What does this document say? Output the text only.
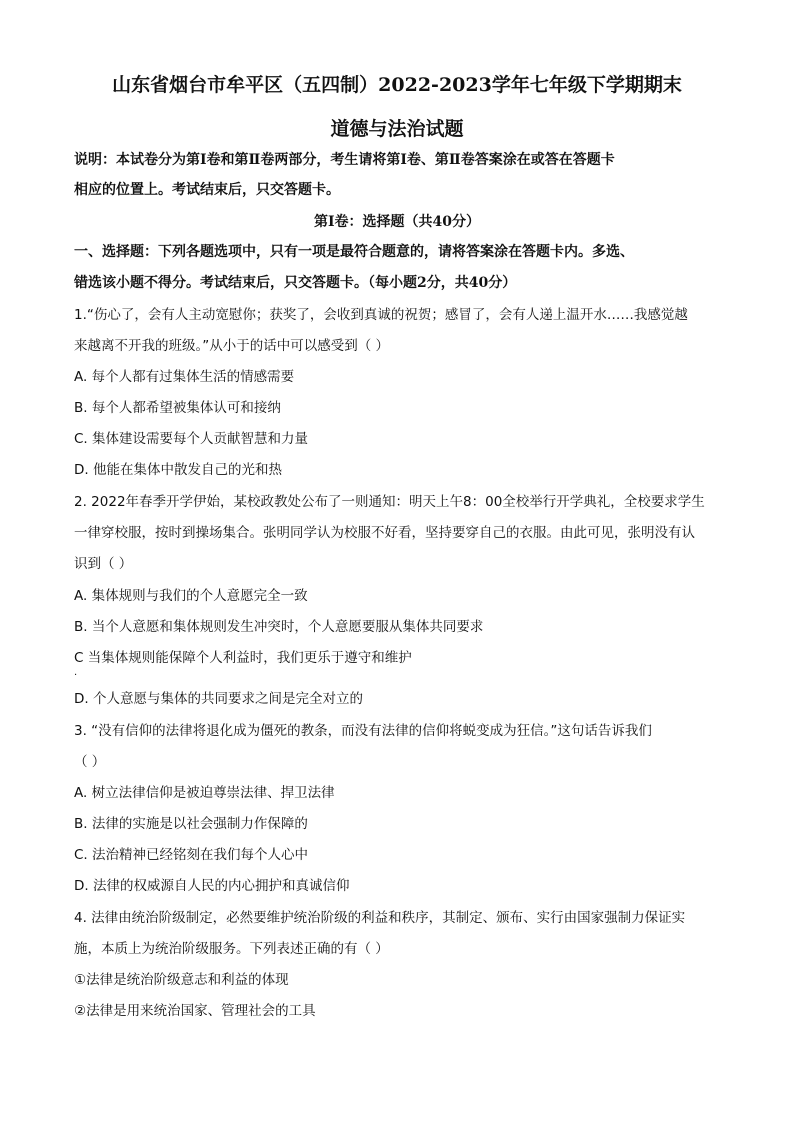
山东省烟台市牟平区（五四制）2022-2023学年七年级下学期期末
道德与法治试题
说明：本试卷分为第Ⅰ卷和第Ⅱ卷两部分，考生请将第Ⅰ卷、第Ⅱ卷答案涂在或答在答题卡
相应的位置上。考试结束后，只交答题卡。
第Ⅰ卷：选择题（共40分）
一、选择题：下列各题选项中，只有一项是最符合题意的，请将答案涂在答题卡内。多选、
错选该小题不得分。考试结束后，只交答题卡。（每小题2分，共40分）
1.“伤心了，会有人主动宽慰你；获奖了，会收到真诚的祝贺；感冒了，会有人递上温开水……我感觉越
来越离不开我的班级。”从小于的话中可以感受到（ ）
A. 每个人都有过集体生活的情感需要
B. 每个人都希望被集体认可和接纳
C. 集体建设需要每个人贡献智慧和力量
D. 他能在集体中散发自己的光和热
2. 2022年春季开学伊始，某校政教处公布了一则通知：明天上午8：00全校举行开学典礼，全校要求学生
一律穿校服，按时到操场集合。张明同学认为校服不好看，坚持要穿自己的衣服。由此可见，张明没有认
识到（ ）
A. 集体规则与我们的个人意愿完全一致
B. 当个人意愿和集体规则发生冲突时，个人意愿要服从集体共同要求
C 当集体规则能保障个人利益时，我们更乐于遵守和维护
.
D. 个人意愿与集体的共同要求之间是完全对立的
3. “没有信仰的法律将退化成为僵死的教条，而没有法律的信仰将蜕变成为狂信。”这句话告诉我们
（ ）
A. 树立法律信仰是被迫尊崇法律、捍卫法律
B. 法律的实施是以社会强制力作保障的
C. 法治精神已经铭刻在我们每个人心中
D. 法律的权威源自人民的内心拥护和真诚信仰
4. 法律由统治阶级制定，必然要维护统治阶级的利益和秩序，其制定、颁布、实行由国家强制力保证实
施，本质上为统治阶级服务。下列表述正确的有（ ）
①法律是统治阶级意志和利益的体现
②法律是用来统治国家、管理社会的工具
